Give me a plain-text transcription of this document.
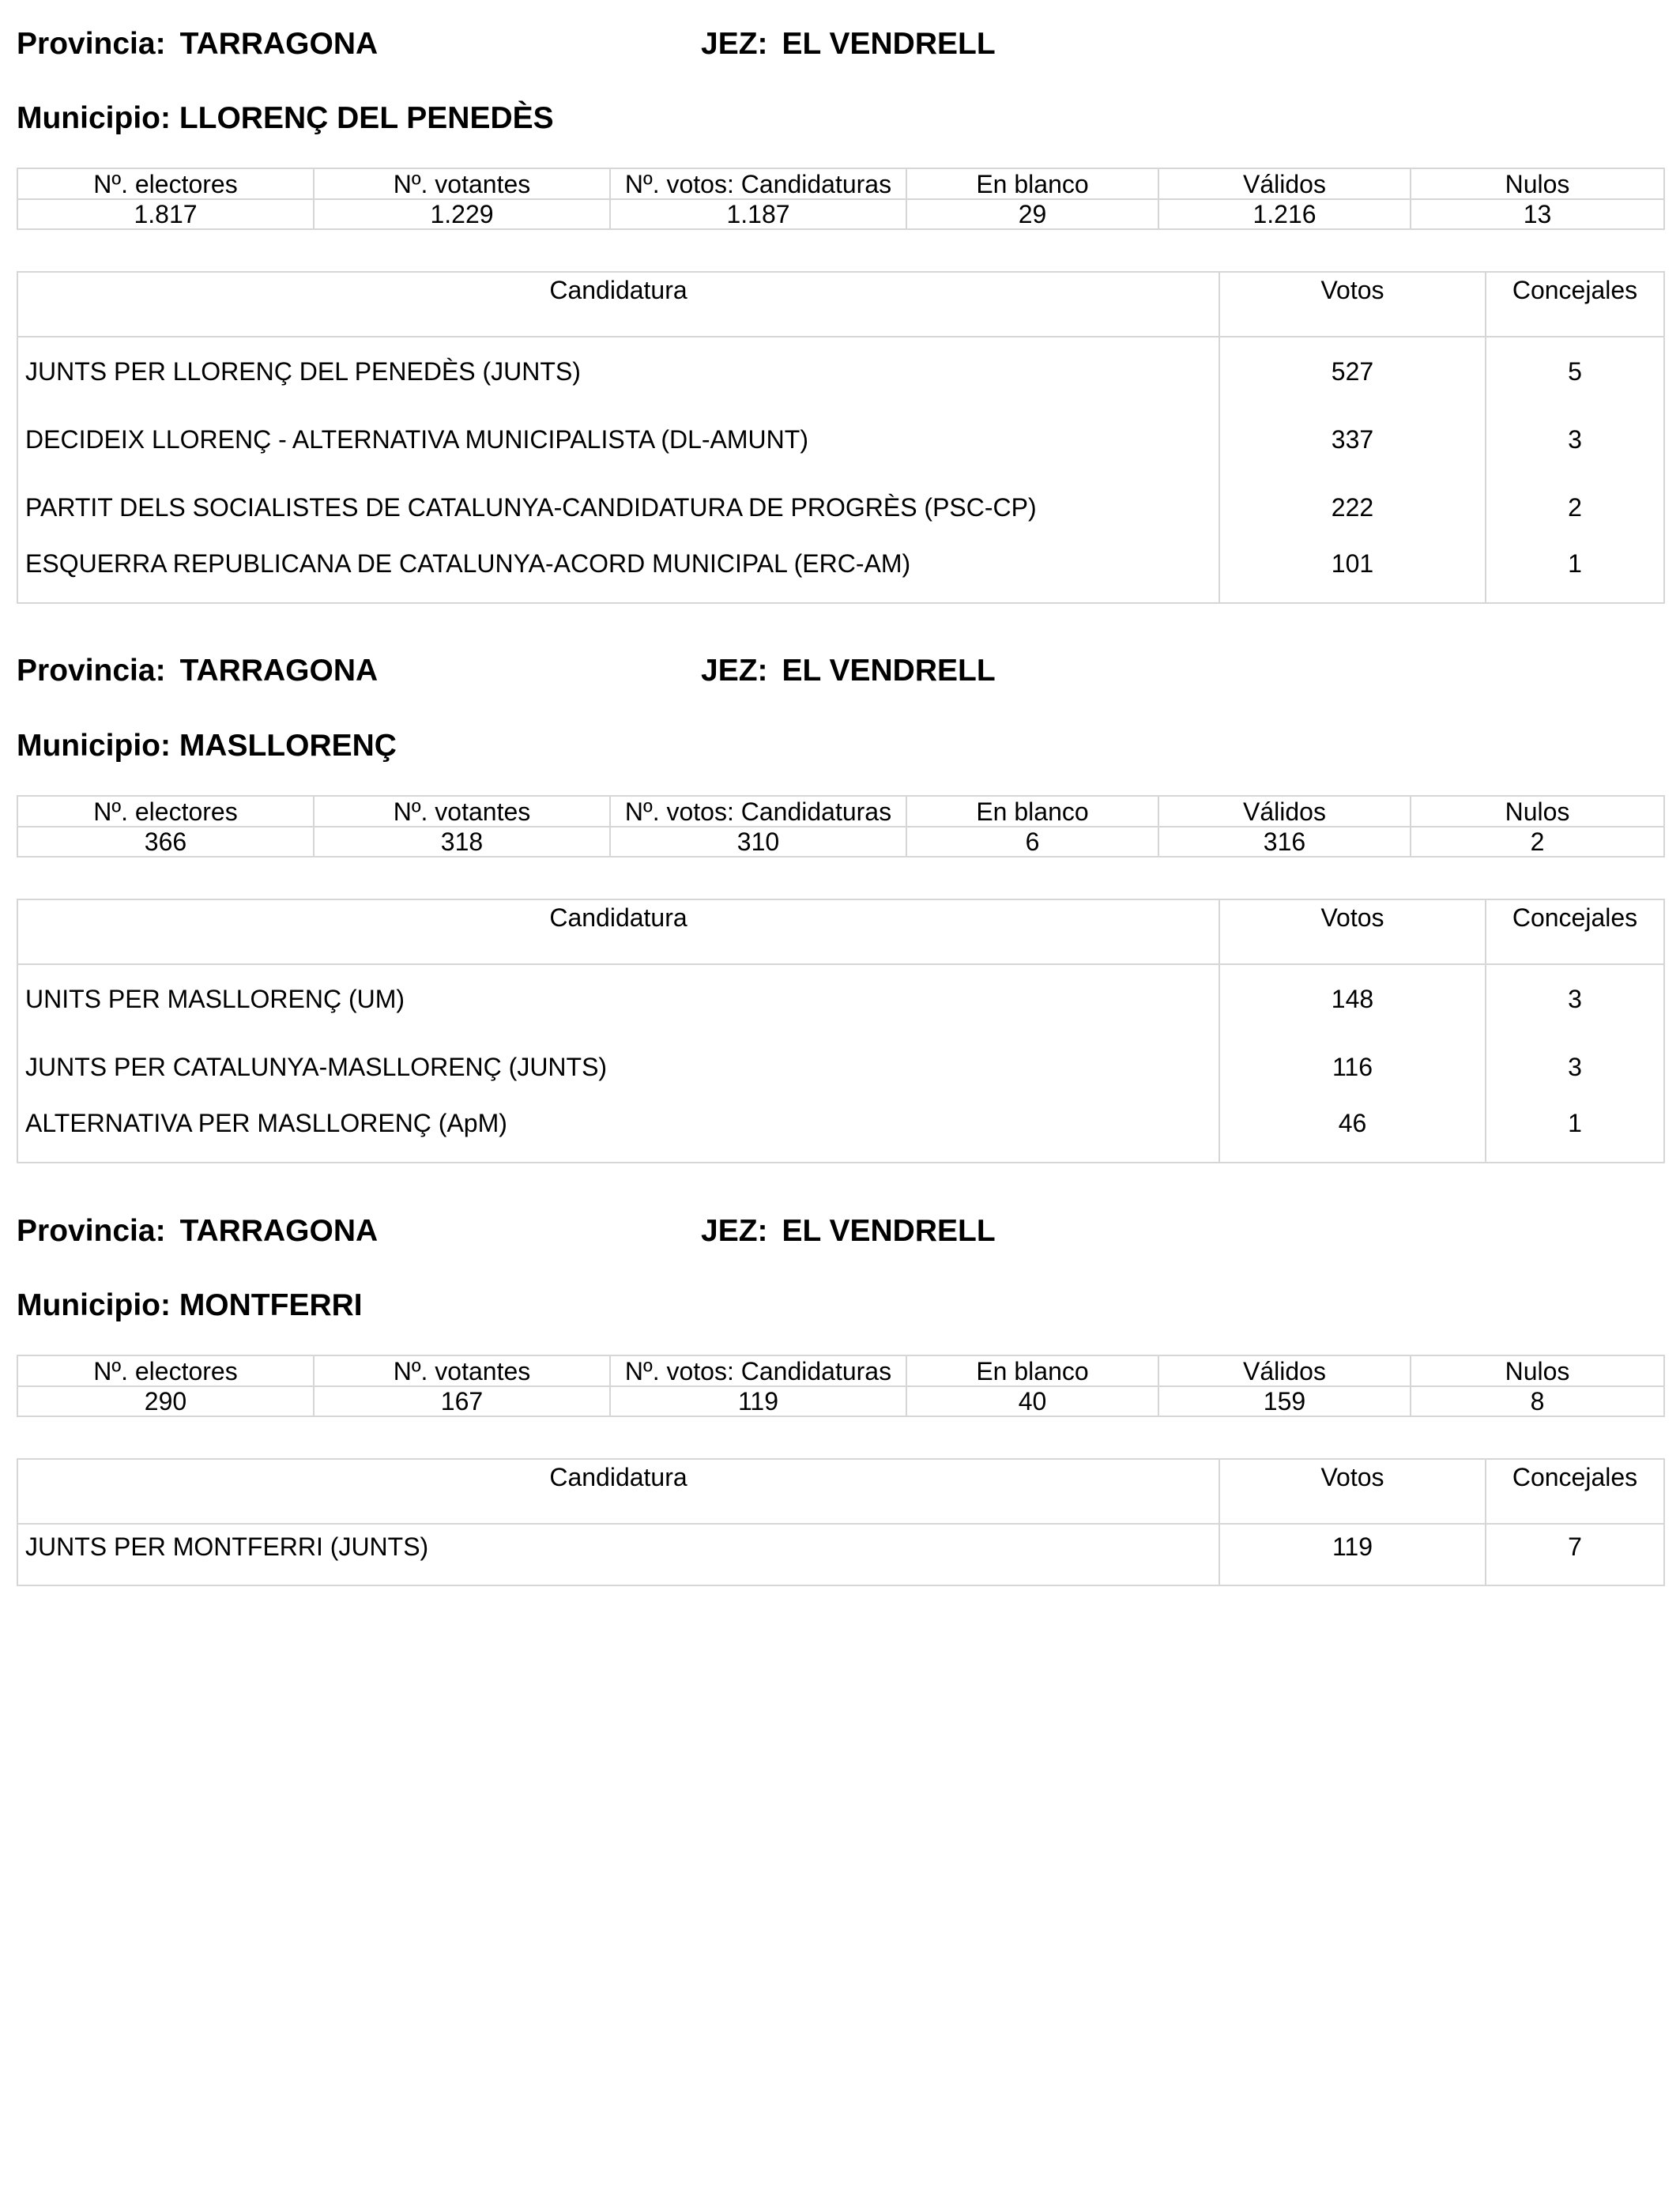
Provincia: TARRAGONA	JEZ: EL VENDRELL
Municipio: LLORENÇ DEL PENEDÈS
Nº. electores	Nº. votantes	Nº. votos: Candidaturas	En blanco	Válidos	Nulos
1.817	1.229	1.187	29	1.216	13
Candidatura	Votos	Concejales
JUNTS PER LLORENÇ DEL PENEDÈS (JUNTS)	527	5
DECIDEIX LLORENÇ - ALTERNATIVA MUNICIPALISTA (DL-AMUNT)	337	3
PARTIT DELS SOCIALISTES DE CATALUNYA-CANDIDATURA DE PROGRÈS (PSC-CP)	222	2
ESQUERRA REPUBLICANA DE CATALUNYA-ACORD MUNICIPAL (ERC-AM)	101	1
Provincia: TARRAGONA	JEZ: EL VENDRELL
Municipio: MASLLORENÇ
Nº. electores	Nº. votantes	Nº. votos: Candidaturas	En blanco	Válidos	Nulos
366	318	310	6	316	2
Candidatura	Votos	Concejales
UNITS PER MASLLORENÇ (UM)	148	3
JUNTS PER CATALUNYA-MASLLORENÇ (JUNTS)	116	3
ALTERNATIVA PER MASLLORENÇ (ApM)	46	1
Provincia: TARRAGONA	JEZ: EL VENDRELL
Municipio: MONTFERRI
Nº. electores	Nº. votantes	Nº. votos: Candidaturas	En blanco	Válidos	Nulos
290	167	119	40	159	8
Candidatura	Votos	Concejales
JUNTS PER MONTFERRI (JUNTS)	119	7
